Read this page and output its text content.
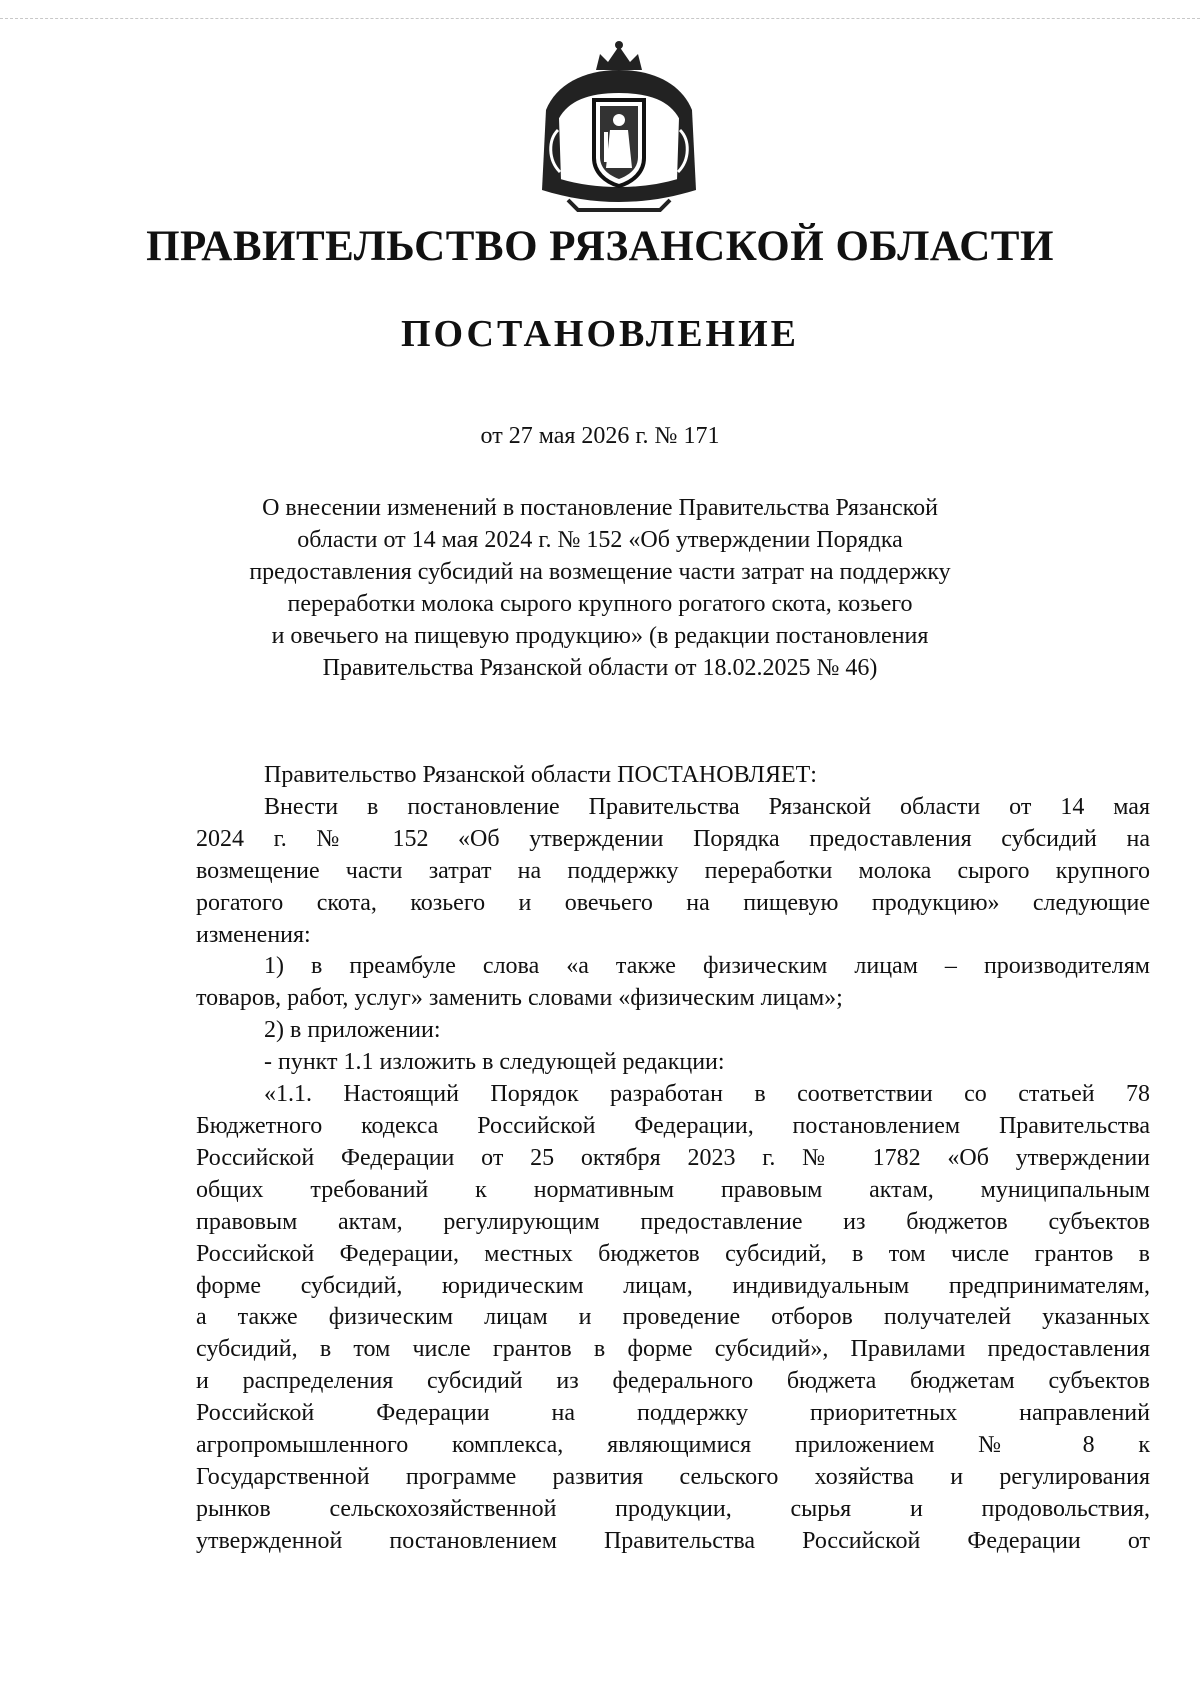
ПРАВИТЕЛЬСТВО РЯЗАНСКОЙ ОБЛАСТИ
ПОСТАНОВЛЕНИЕ
от 27 мая 2026 г. № 171
О внесении изменений в постановление Правительства Рязанской
области от 14 мая 2024 г. № 152 «Об утверждении Порядка
предоставления субсидий на возмещение части затрат на поддержку
переработки молока сырого крупного рогатого скота, козьего
и овечьего на пищевую продукцию» (в редакции постановления
Правительства Рязанской области от 18.02.2025 № 46)

Правительство Рязанской области ПОСТАНОВЛЯЕТ:

Внести в постановление Правительства Рязанской области от 14 мая

2024 г. № 152 «Об утверждении Порядка предоставления субсидий на

возмещение части затрат на поддержку переработки молока сырого крупного

рогатого скота, козьего и овечьего на пищевую продукцию» следующие

изменения:

1) в преамбуле слова «а также физическим лицам – производителям

товаров, работ, услуг» заменить словами «физическим лицам»;

2) в приложении:

- пункт 1.1 изложить в следующей редакции:

«1.1. Настоящий Порядок разработан в соответствии со статьей 78

Бюджетного кодекса Российской Федерации, постановлением Правительства

Российской Федерации от 25 октября 2023 г. № 1782 «Об утверждении

общих требований к нормативным правовым актам, муниципальным

правовым актам, регулирующим предоставление из бюджетов субъектов

Российской Федерации, местных бюджетов субсидий, в том числе грантов в

форме субсидий, юридическим лицам, индивидуальным предпринимателям,

а также физическим лицам и проведение отборов получателей указанных

субсидий, в том числе грантов в форме субсидий», Правилами предоставления

и распределения субсидий из федерального бюджета бюджетам субъектов

Российской Федерации на поддержку приоритетных направлений

агропромышленного комплекса, являющимися приложением № 8 к

Государственной программе развития сельского хозяйства и регулирования

рынков сельскохозяйственной продукции, сырья и продовольствия,

утвержденной постановлением Правительства Российской Федерации от
